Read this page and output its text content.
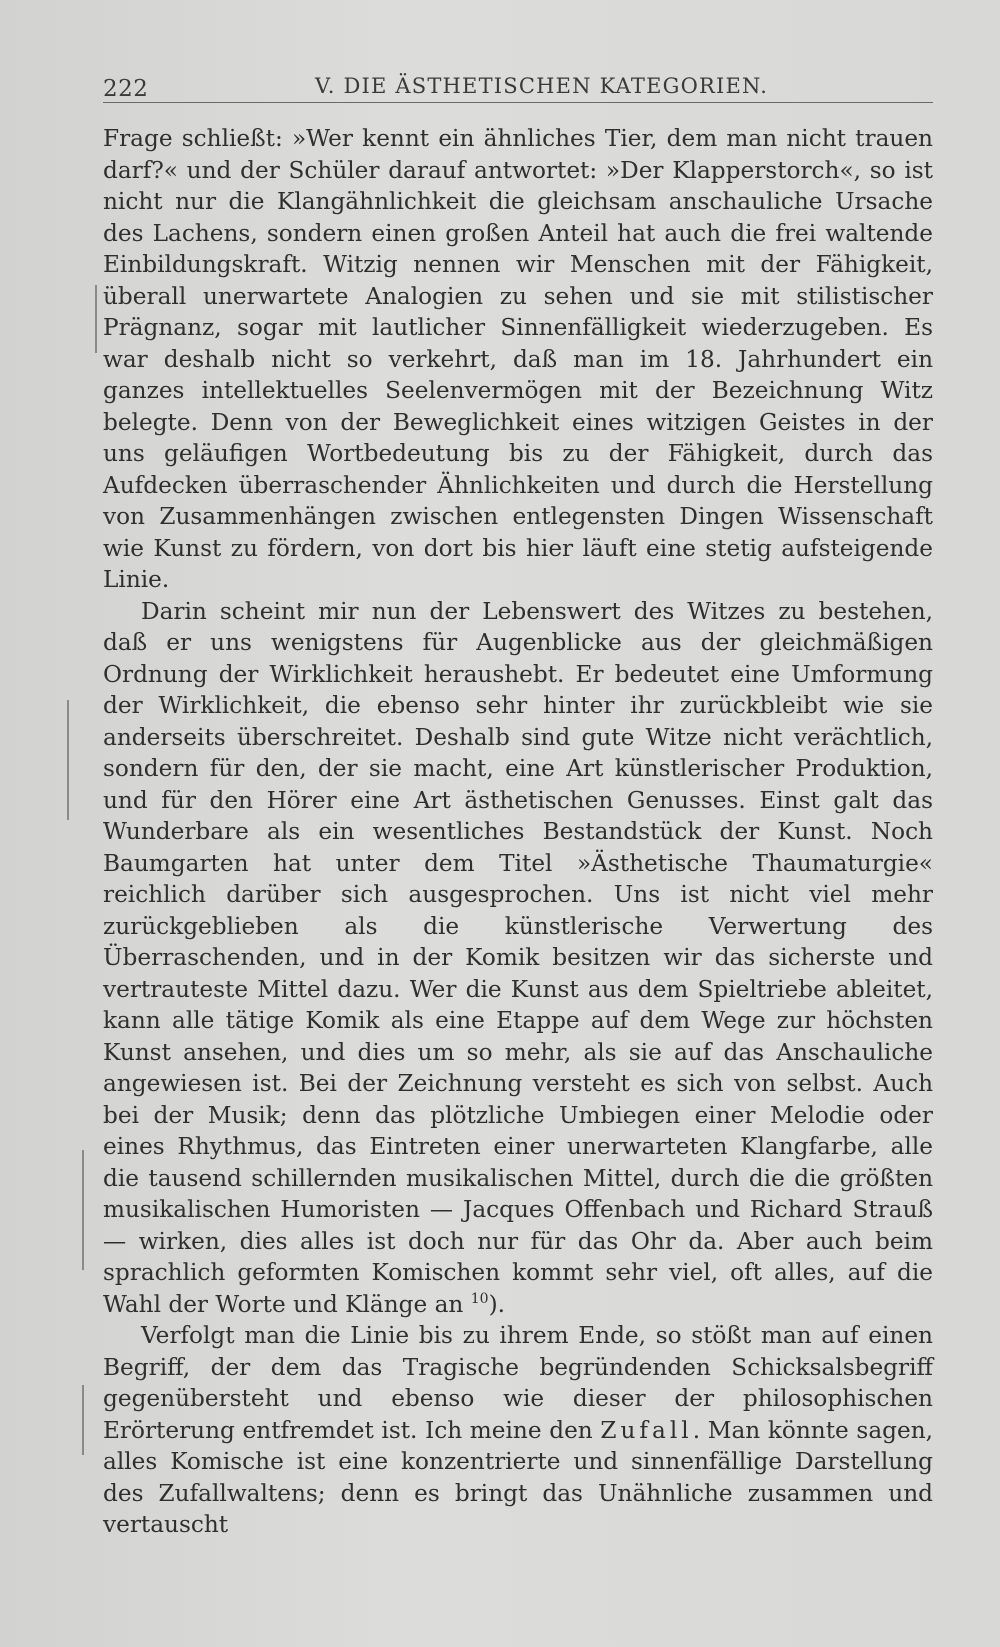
222	V. DIE ÄSTHETISCHEN KATEGORIEN.

Frage schließt: »Wer kennt ein ähnliches Tier, dem man nicht trauen darf?« und der Schüler darauf antwortet: »Der Klapperstorch«, so ist nicht nur die Klangähnlichkeit die gleichsam anschauliche Ursache des Lachens, sondern einen großen Anteil hat auch die frei waltende Einbildungskraft. Witzig nennen wir Menschen mit der Fähigkeit, überall unerwartete Analogien zu sehen und sie mit stilistischer Prägnanz, sogar mit lautlicher Sinnenfälligkeit wiederzugeben. Es war deshalb nicht so verkehrt, daß man im 18. Jahrhundert ein ganzes intellektuelles Seelenvermögen mit der Bezeichnung Witz belegte. Denn von der Beweglichkeit eines witzigen Geistes in der uns geläufigen Wortbedeutung bis zu der Fähigkeit, durch das Aufdecken überraschender Ähnlichkeiten und durch die Herstellung von Zusammenhängen zwischen entlegensten Dingen Wissenschaft wie Kunst zu fördern, von dort bis hier läuft eine stetig aufsteigende Linie.

Darin scheint mir nun der Lebenswert des Witzes zu bestehen, daß er uns wenigstens für Augenblicke aus der gleichmäßigen Ordnung der Wirklichkeit heraushebt. Er bedeutet eine Umformung der Wirklichkeit, die ebenso sehr hinter ihr zurückbleibt wie sie anderseits überschreitet. Deshalb sind gute Witze nicht verächtlich, sondern für den, der sie macht, eine Art künstlerischer Produktion, und für den Hörer eine Art ästhetischen Genusses. Einst galt das Wunderbare als ein wesentliches Bestandstück der Kunst. Noch Baumgarten hat unter dem Titel »Ästhetische Thaumaturgie« reichlich darüber sich ausgesprochen. Uns ist nicht viel mehr zurückgeblieben als die künstlerische Verwertung des Überraschenden, und in der Komik besitzen wir das sicherste und vertrauteste Mittel dazu. Wer die Kunst aus dem Spieltriebe ableitet, kann alle tätige Komik als eine Etappe auf dem Wege zur höchsten Kunst ansehen, und dies um so mehr, als sie auf das Anschauliche angewiesen ist. Bei der Zeichnung versteht es sich von selbst. Auch bei der Musik; denn das plötzliche Umbiegen einer Melodie oder eines Rhythmus, das Eintreten einer unerwarteten Klangfarbe, alle die tausend schillernden musikalischen Mittel, durch die die größten musikalischen Humoristen — Jacques Offenbach und Richard Strauß — wirken, dies alles ist doch nur für das Ohr da. Aber auch beim sprachlich geformten Komischen kommt sehr viel, oft alles, auf die Wahl der Worte und Klänge an $^{10}$).

Verfolgt man die Linie bis zu ihrem Ende, so stößt man auf einen Begriff, der dem das Tragische begründenden Schicksalsbegriff gegenübersteht und ebenso wie dieser der philosophischen Erörterung entfremdet ist. Ich meine den Zufall. Man könnte sagen, alles Komische ist eine konzentrierte und sinnenfällige Darstellung des Zufallwaltens; denn es bringt das Unähnliche zusammen und vertauscht
